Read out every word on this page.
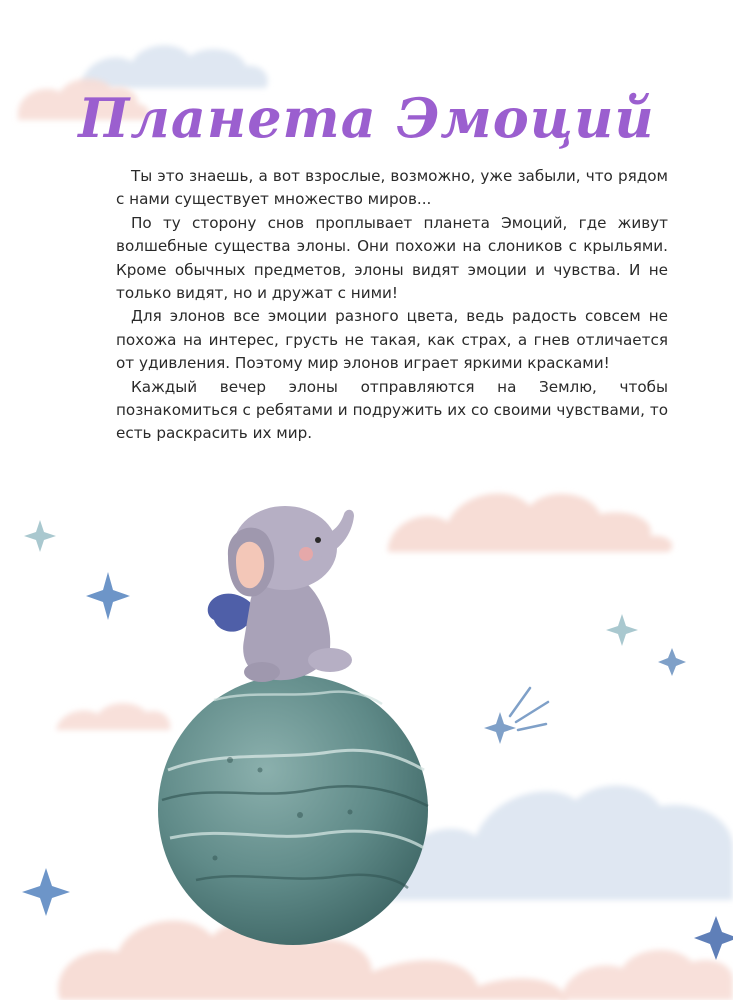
Планета Эмоций

Ты это знаешь, а вот взрослые, возможно, уже забыли, что рядом с нами существует множество миров...

По ту сторону снов проплывает планета Эмоций, где живут волшебные существа элоны. Они похожи на слоников с крыльями. Кроме обычных предметов, элоны видят эмоции и чувства. И не только видят, но и дружат с ними!

Для элонов все эмоции разного цвета, ведь радость совсем не похожа на интерес, грусть не такая, как страх, а гнев отличается от удивления. Поэтому мир элонов играет яркими красками!

Каждый вечер элоны отправляются на Землю, чтобы познакомиться с ребятами и подружить их со своими чувствами, то есть раскрасить их мир.
